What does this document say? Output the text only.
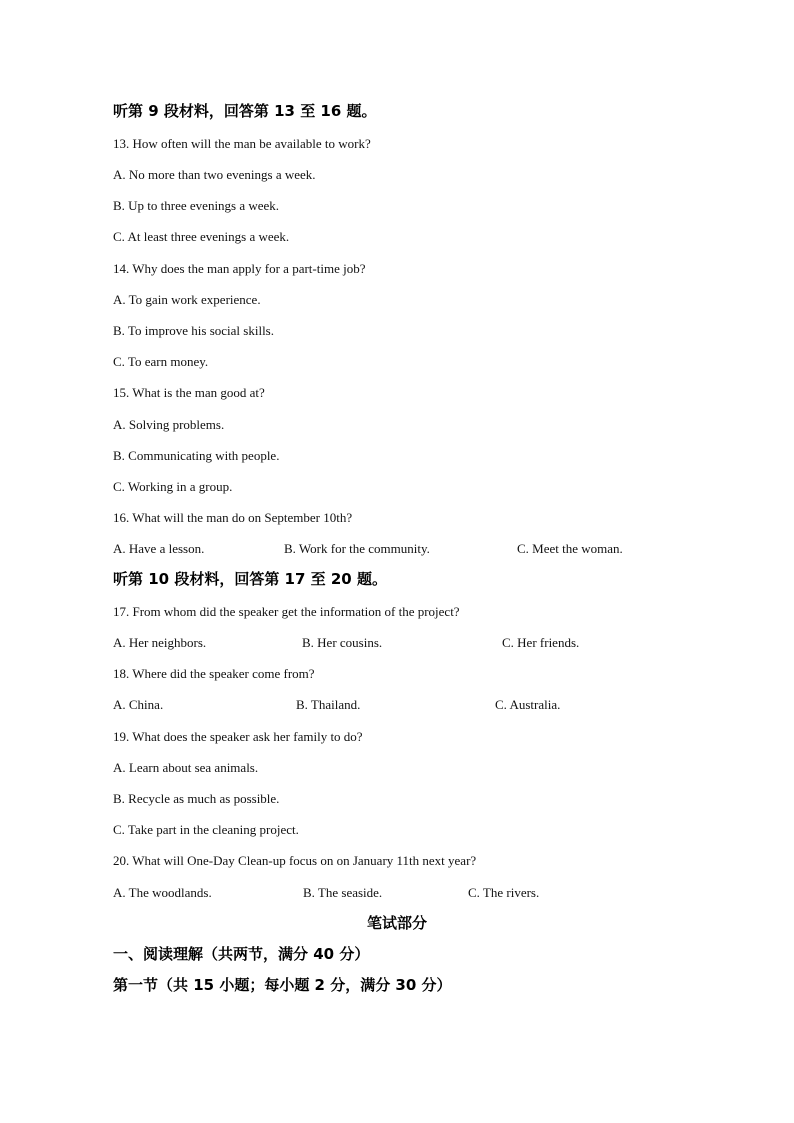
听第 9 段材料，回答第 13 至 16 题。
13. How often will the man be available to work?
A. No more than two evenings a week.
B. Up to three evenings a week.
C. At least three evenings a week.
14. Why does the man apply for a part-time job?
A. To gain work experience.
B. To improve his social skills.
C. To earn money.
15. What is the man good at?
A. Solving problems.
B. Communicating with people.
C. Working in a group.
16. What will the man do on September 10th?
A. Have a lesson.	B. Work for the community.	C. Meet the woman.
听第 10 段材料，回答第 17 至 20 题。
17. From whom did the speaker get the information of the project?
A. Her neighbors.	B. Her cousins.	C. Her friends.
18. Where did the speaker come from?
A. China.	B. Thailand.	C. Australia.
19. What does the speaker ask her family to do?
A. Learn about sea animals.
B. Recycle as much as possible.
C. Take part in the cleaning project.
20. What will One-Day Clean-up focus on on January 11th next year?
A. The woodlands.	B. The seaside.	C. The rivers.
笔试部分
一、阅读理解（共两节，满分 40 分）
第一节（共 15 小题；每小题 2 分，满分 30 分）
